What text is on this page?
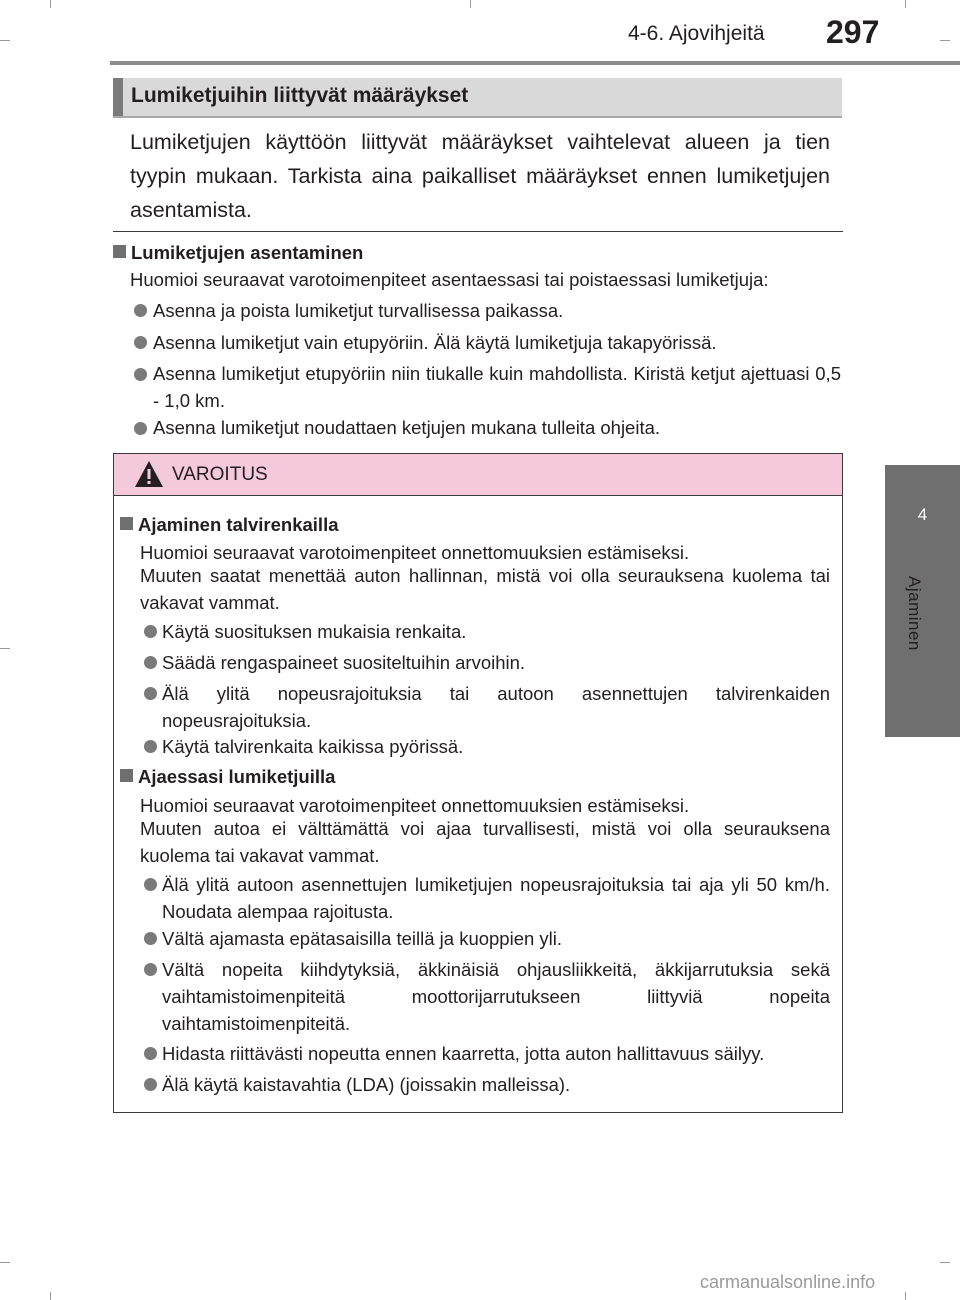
4-6. Ajovihjeitä 297
4
Ajaminen
Lumiketjuihin liittyvät määräykset
Lumiketjujen käyttöön liittyvät määräykset vaihtelevat alueen ja tien tyypin mukaan. Tarkista aina paikalliset määräykset ennen lumiketjujen asentamista.
Lumiketjujen asentaminen
Huomioi seuraavat varotoimenpiteet asentaessasi tai poistaessasi lumiketjuja:
Asenna ja poista lumiketjut turvallisessa paikassa.
Asenna lumiketjut vain etupyöriin. Älä käytä lumiketjuja takapyörissä.
Asenna lumiketjut etupyöriin niin tiukalle kuin mahdollista. Kiristä ketjut ajettuasi 0,5 - 1,0 km.
Asenna lumiketjut noudattaen ketjujen mukana tulleita ohjeita.
VAROITUS
Ajaminen talvirenkailla
Huomioi seuraavat varotoimenpiteet onnettomuuksien estämiseksi.
Muuten saatat menettää auton hallinnan, mistä voi olla seurauksena kuolema tai vakavat vammat.
Käytä suosituksen mukaisia renkaita.
Säädä rengaspaineet suositeltuihin arvoihin.
Älä ylitä nopeusrajoituksia tai autoon asennettujen talvirenkaiden nopeusrajoituksia.
Käytä talvirenkaita kaikissa pyörissä.
Ajaessasi lumiketjuilla
Huomioi seuraavat varotoimenpiteet onnettomuuksien estämiseksi.
Muuten autoa ei välttämättä voi ajaa turvallisesti, mistä voi olla seurauksena kuolema tai vakavat vammat.
Älä ylitä autoon asennettujen lumiketjujen nopeusrajoituksia tai aja yli 50 km/h. Noudata alempaa rajoitusta.
Vältä ajamasta epätasaisilla teillä ja kuoppien yli.
Vältä nopeita kiihdytyksiä, äkkinäisiä ohjausliikkeitä, äkkijarrutuksia sekä vaihtamistoimenpiteitä moottorijarrutukseen liittyviä nopeita vaihtamistoimenpiteitä.
Hidasta riittävästi nopeutta ennen kaarretta, jotta auton hallittavuus säilyy.
Älä käytä kaistavahtia (LDA) (joissakin malleissa).
carmanualsonline.info
